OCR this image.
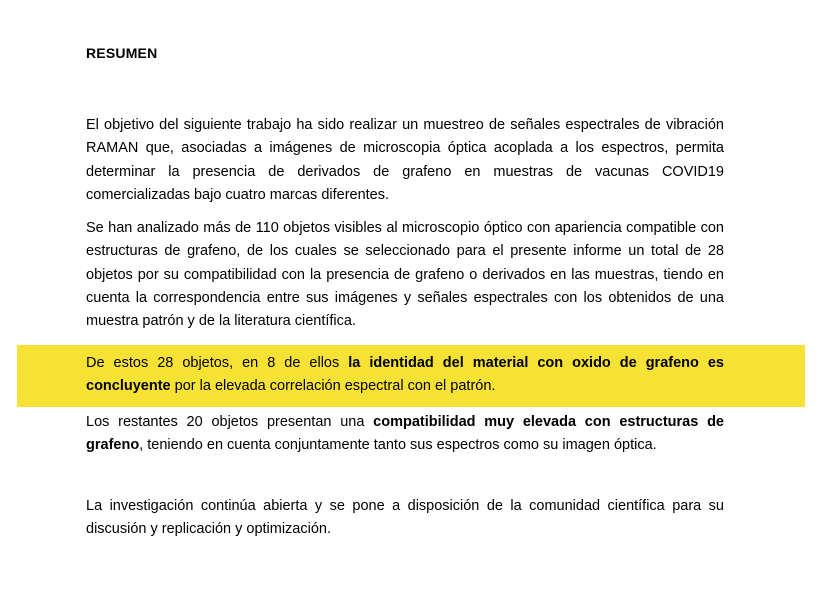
RESUMEN

El objetivo del siguiente trabajo ha sido realizar un muestreo de señales espectrales de vibración RAMAN que, asociadas a imágenes de microscopia óptica acoplada a los espectros, permita determinar la presencia de derivados de grafeno en muestras de vacunas COVID19 comercializadas bajo cuatro marcas diferentes.

Se han analizado más de 110 objetos visibles al microscopio óptico con apariencia compatible con estructuras de grafeno, de los cuales se seleccionado para el presente informe un total de 28 objetos por su compatibilidad con la presencia de grafeno o derivados en las muestras, tiendo en cuenta la correspondencia entre sus imágenes y señales espectrales con los obtenidos de una muestra patrón y de la literatura científica.

De estos 28 objetos, en 8 de ellos la identidad del material con oxido de grafeno es concluyente por la elevada correlación espectral con el patrón.

Los restantes 20 objetos presentan una compatibilidad muy elevada con estructuras de grafeno, teniendo en cuenta conjuntamente tanto sus espectros como su imagen óptica.

La investigación continúa abierta y se pone a disposición de la comunidad científica para su discusión y replicación y optimización.
